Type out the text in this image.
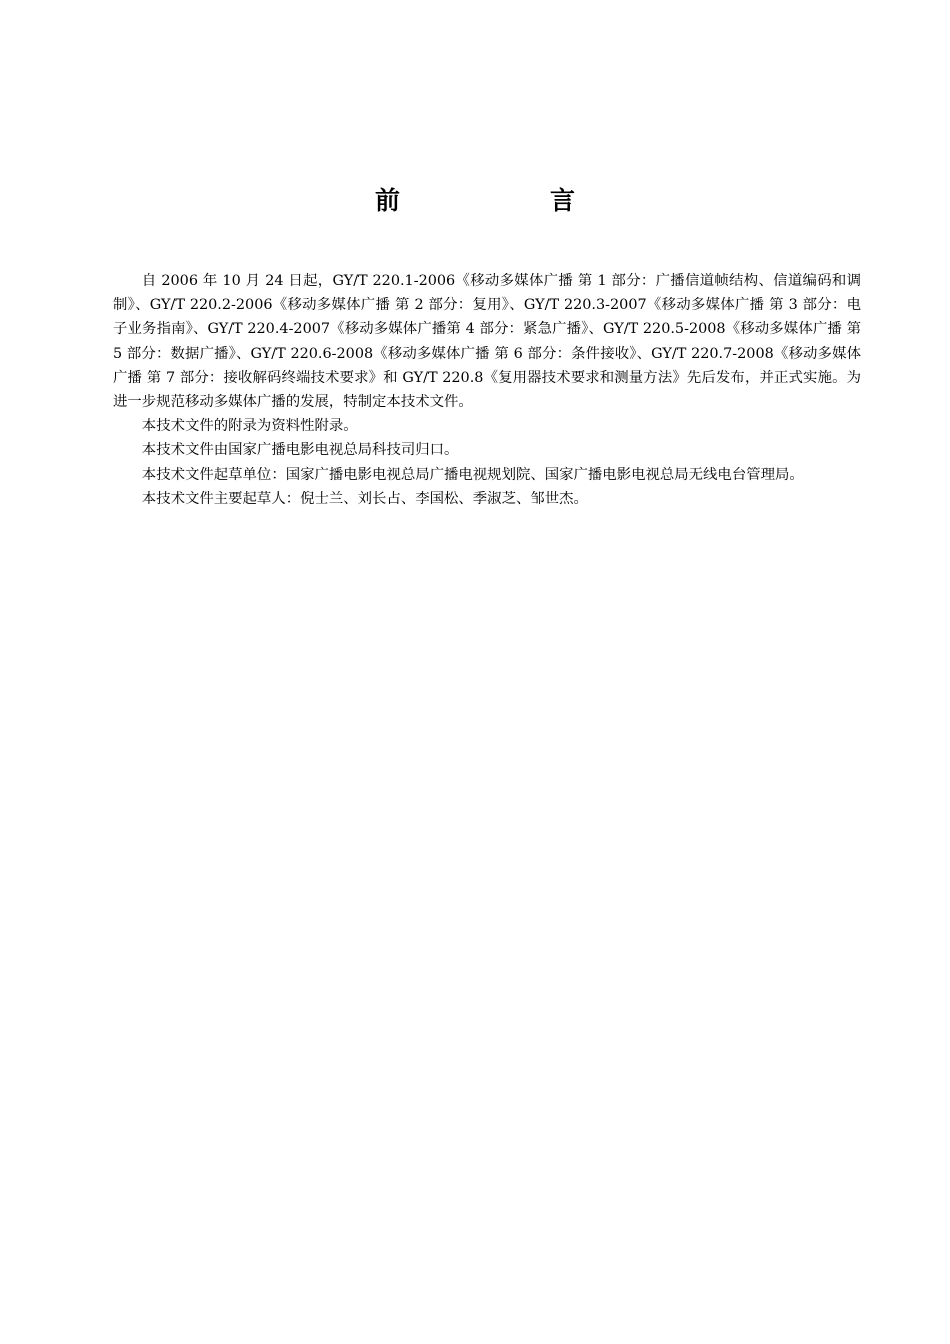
前　言

自 2006 年 10 月 24 日起，GY/T 220.1-2006《移动多媒体广播 第 1 部分：广播信道帧结构、信道编码和调制》、GY/T 220.2-2006《移动多媒体广播 第 2 部分：复用》、GY/T 220.3-2007《移动多媒体广播 第 3 部分：电子业务指南》、GY/T 220.4-2007《移动多媒体广播第 4 部分：紧急广播》、GY/T 220.5-2008《移动多媒体广播 第 5 部分：数据广播》、GY/T 220.6-2008《移动多媒体广播 第 6 部分：条件接收》、GY/T 220.7-2008《移动多媒体广播 第 7 部分：接收解码终端技术要求》和 GY/T 220.8《复用器技术要求和测量方法》先后发布，并正式实施。为进一步规范移动多媒体广播的发展，特制定本技术文件。

本技术文件的附录为资料性附录。

本技术文件由国家广播电影电视总局科技司归口。

本技术文件起草单位：国家广播电影电视总局广播电视规划院、国家广播电影电视总局无线电台管理局。

本技术文件主要起草人：倪士兰、刘长占、李国松、季淑芝、邹世杰。
